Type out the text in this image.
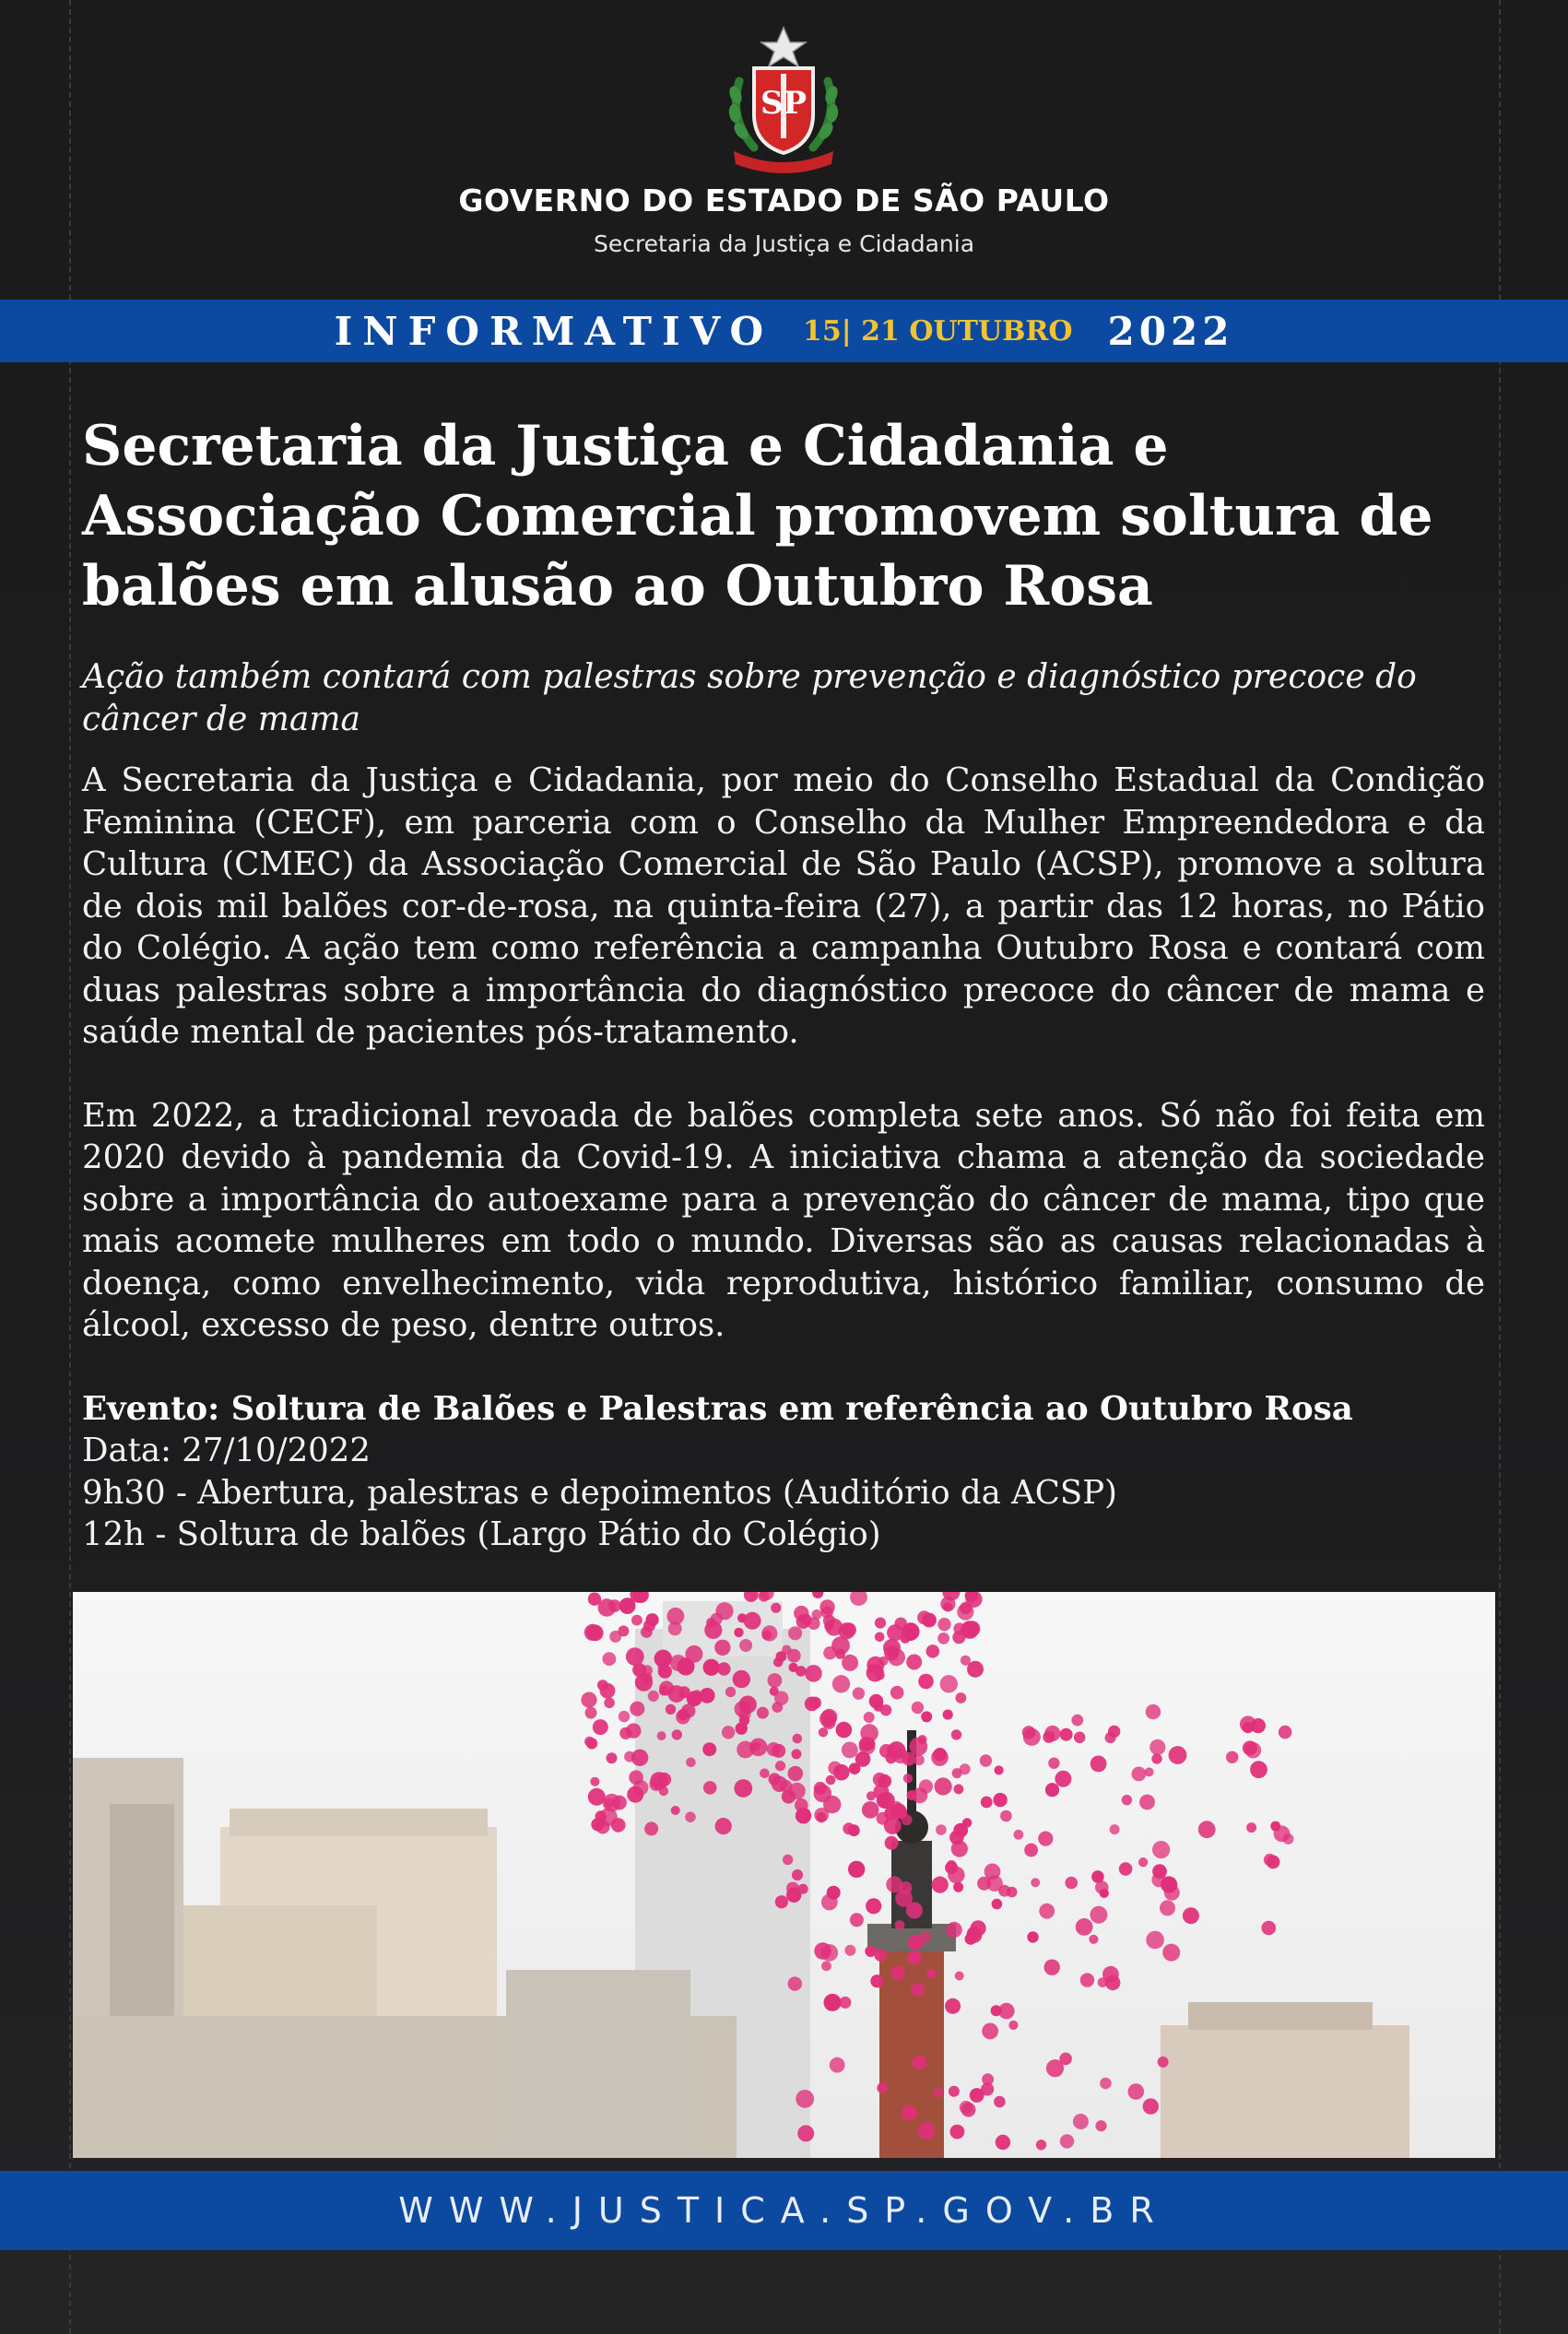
SP
GOVERNO DO ESTADO DE SÃO PAULO
Secretaria da Justiça e Cidadania
INFORMATIVO 15| 21 OUTUBRO 2022
Secretaria da Justiça e Cidadania e Associação Comercial promovem soltura de balões em alusão ao Outubro Rosa

Ação também contará com palestras sobre prevenção e diagnóstico precoce do câncer de mama

A Secretaria da Justiça e Cidadania, por meio do Conselho Estadual da Condição Feminina (CECF), em parceria com o Conselho da Mulher Empreendedora e da Cultura (CMEC) da Associação Comercial de São Paulo (ACSP), promove a soltura de dois mil balões cor-de-rosa, na quinta-feira (27), a partir das 12 horas, no Pátio do Colégio. A ação tem como referência a campanha Outubro Rosa e contará com duas palestras sobre a importância do diagnóstico precoce do câncer de mama e saúde mental de pacientes pós-tratamento.

Em 2022, a tradicional revoada de balões completa sete anos. Só não foi feita em 2020 devido à pandemia da Covid-19. A iniciativa chama a atenção da sociedade sobre a importância do autoexame para a prevenção do câncer de mama, tipo que mais acomete mulheres em todo o mundo. Diversas são as causas relacionadas à doença, como envelhecimento, vida reprodutiva, histórico familiar, consumo de álcool, excesso de peso, dentre outros.

Evento: Soltura de Balões e Palestras em referência ao Outubro Rosa
Data: 27/10/2022
9h30 - Abertura, palestras e depoimentos (Auditório da ACSP)
12h - Soltura de balões (Largo Pátio do Colégio)
WWW.JUSTICA.SP.GOV.BR
